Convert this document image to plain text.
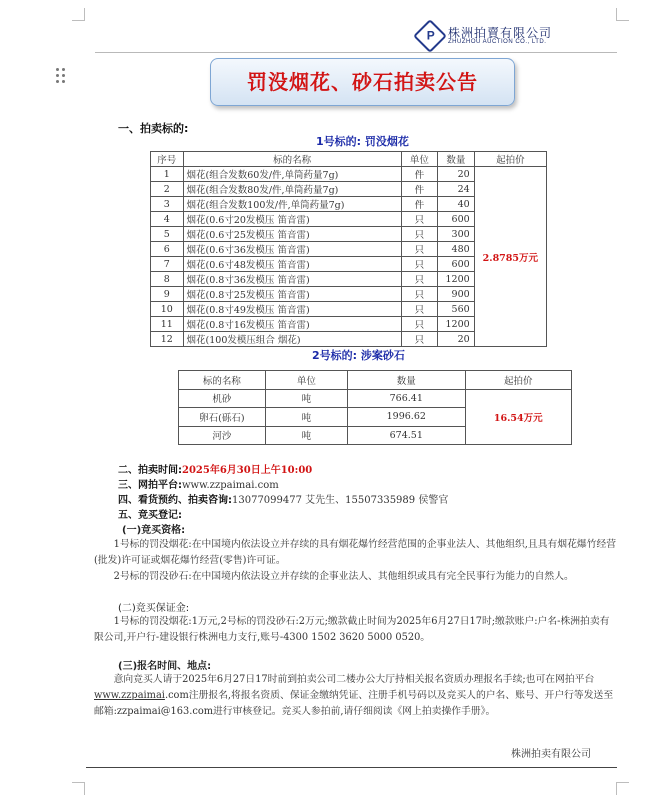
P	株洲拍賣有限公司
ZHUZHOU AUCTION CO., LTD.
罚没烟花、砂石拍卖公告
一、拍卖标的:
1号标的: 罚没烟花
序号	标的名称	单位	数量	起拍价
1	烟花(组合发数60发/件,单筒药量7g)	件	20	2.8785万元
2	烟花(组合发数80发/件,单筒药量7g)	件	24	
3	烟花(组合发数100发/件,单筒药量7g)	件	40	
4	烟花(0.6寸20发模压 笛音雷)	只	600	
5	烟花(0.6寸25发模压 笛音雷)	只	300	
6	烟花(0.6寸36发模压 笛音雷)	只	480	
7	烟花(0.6寸48发模压 笛音雷)	只	600	
8	烟花(0.8寸36发模压 笛音雷)	只	1200	
9	烟花(0.8寸25发模压 笛音雷)	只	900	
10	烟花(0.8寸49发模压 笛音雷)	只	560	
11	烟花(0.8寸16发模压 笛音雷)	只	1200	
12	烟花(100发模压组合 烟花)	只	20	
2号标的: 涉案砂石
标的名称	单位	数量	起拍价
机砂	吨	766.41	16.54万元
卵石(砾石)	吨	1996.62	
河沙	吨	674.51	
二、拍卖时间:2025年6月30日上午10:00
三、网拍平台:www.zzpaimai.com
四、看货预约、拍卖咨询:13077099477 艾先生、15507335989 侯警官
五、竞买登记:
(一)竞买资格:
1号标的罚没烟花:在中国境内依法设立并存续的具有烟花爆竹经营范围的企事业法人、其他组织,且具有烟花爆竹经营(批发)许可证或烟花爆竹经营(零售)许可证。
2号标的罚没砂石:在中国境内依法设立并存续的企事业法人、其他组织或具有完全民事行为能力的自然人。
(二)竞买保证金:
1号标的罚没烟花:1万元,2号标的罚没砂石:2万元;缴款截止时间为2025年6月27日17时;缴款账户:户名-株洲拍卖有限公司,开户行-建设银行株洲电力支行,账号-4300 1502 3620 5000 0520。
(三)报名时间、地点:
意向竞买人请于2025年6月27日17时前到拍卖公司二楼办公大厅持相关报名资质办理报名手续;也可在网拍平台www.zzpaimai.com注册报名,将报名资质、保证金缴纳凭证、注册手机号码以及竞买人的户名、账号、开户行等发送至邮箱:zzpaimai@163.com进行审核登记。竞买人参拍前,请仔细阅读《网上拍卖操作手册》。
株洲拍卖有限公司
